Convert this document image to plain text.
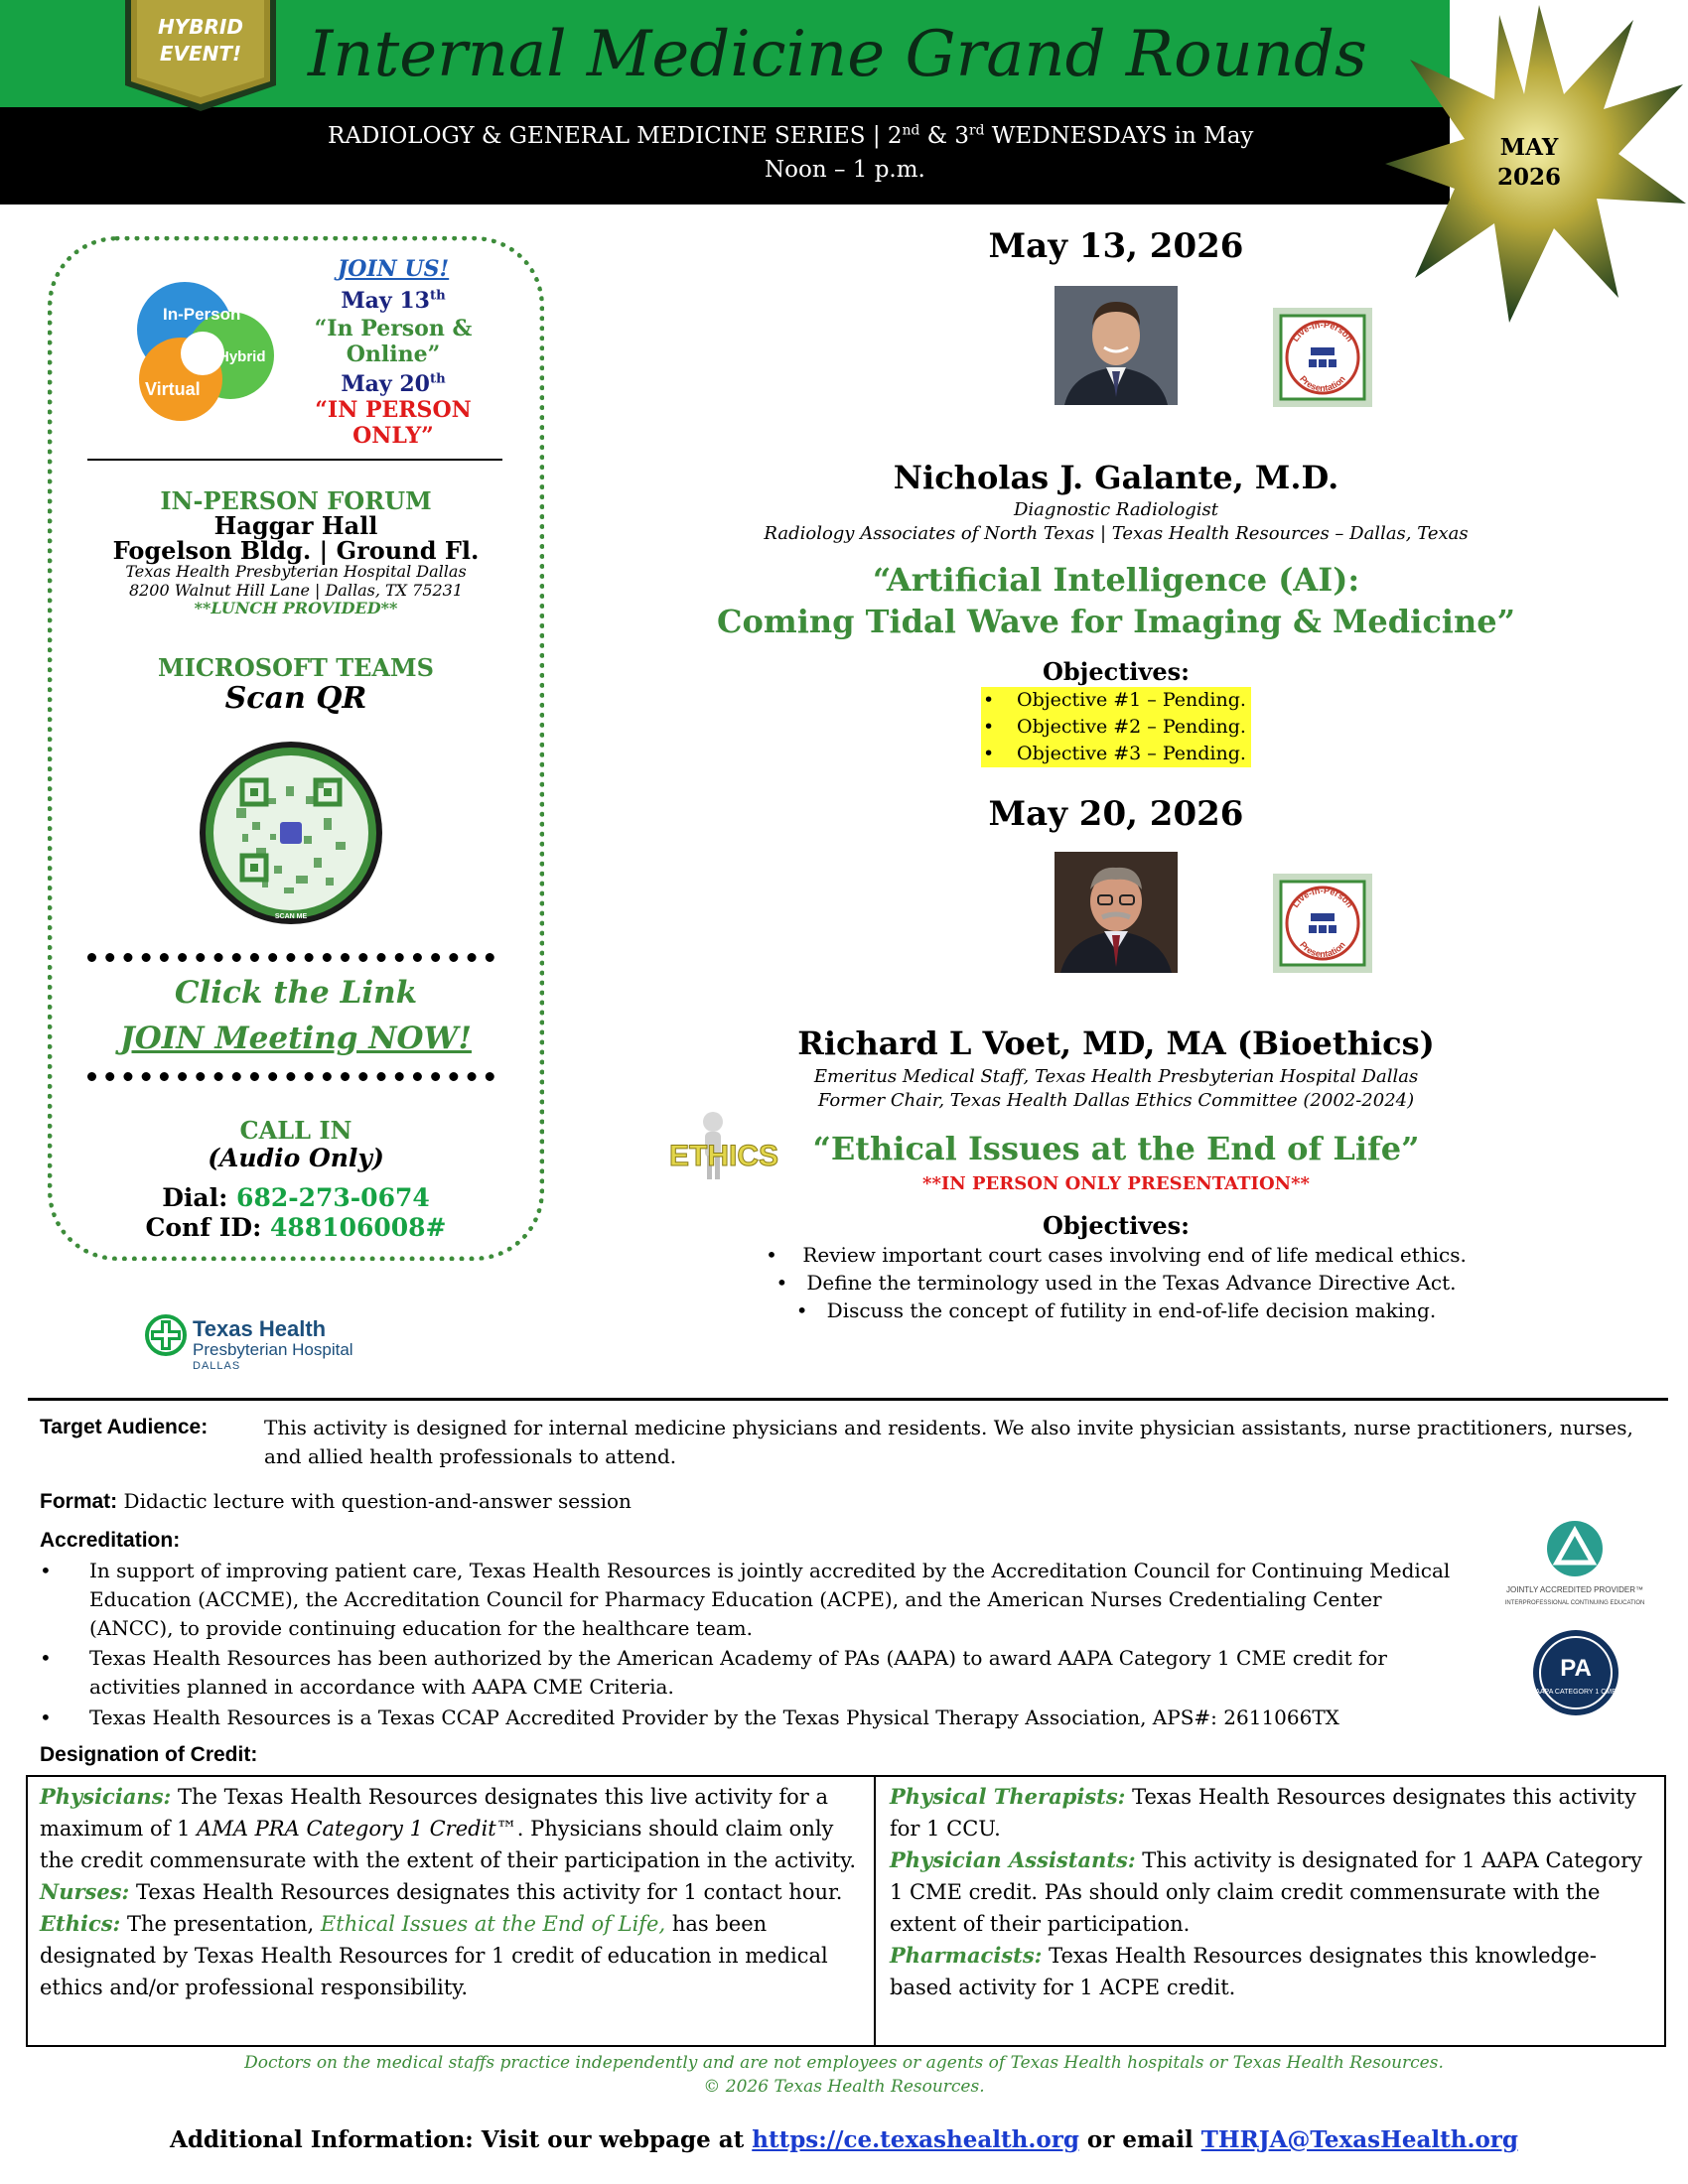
HYBRID
EVENT!	Internal Medicine Grand Rounds
RADIOLOGY & GENERAL MEDICINE SERIES | 2nd & 3rd WEDNESDAYS in May
Noon – 1 p.m.
MAY
2026
In-Person
Hybrid
Virtual
JOIN US!
May 13th
“In Person & Online”
May 20th
“IN PERSON ONLY”
IN-PERSON FORUM
Haggar Hall
Fogelson Bldg. | Ground Fl.
Texas Health Presbyterian Hospital Dallas
8200 Walnut Hill Lane | Dallas, TX 75231
**LUNCH PROVIDED**
MICROSOFT TEAMS
Scan QR
SCAN ME
Click the Link
JOIN Meeting NOW!
CALL IN
(Audio Only)
Dial: 682-273-0674
Conf ID: 488106008#
Texas Health
Presbyterian Hospital
DALLAS
May 13, 2026
Live-In-Person
Presentation
Nicholas J. Galante, M.D.
Diagnostic Radiologist
Radiology Associates of North Texas | Texas Health Resources – Dallas, Texas
“Artificial Intelligence (AI):
Coming Tidal Wave for Imaging & Medicine”
Objectives:
• Objective #1 – Pending.
• Objective #2 – Pending.
• Objective #3 – Pending.
May 20, 2026
Live-In-Person
Presentation
Richard L Voet, MD, MA (Bioethics)
Emeritus Medical Staff, Texas Health Presbyterian Hospital Dallas
Former Chair, Texas Health Dallas Ethics Committee (2002-2024)
ETHICS	“Ethical Issues at the End of Life”
**IN PERSON ONLY PRESENTATION**
Objectives:
•    Review important court cases involving end of life medical ethics.
•   Define the terminology used in the Texas Advance Directive Act.
•   Discuss the concept of futility in end-of-life decision making.
Target Audience:	This activity is designed for internal medicine physicians and residents. We also invite physician assistants, nurse practitioners, nurses, and allied health professionals to attend.
Format: Didactic lecture with question-and-answer session
Accreditation:
• In support of improving patient care, Texas Health Resources is jointly accredited by the Accreditation Council for Continuing Medical Education (ACCME), the Accreditation Council for Pharmacy Education (ACPE), and the American Nurses Credentialing Center (ANCC), to provide continuing education for the healthcare team.
• Texas Health Resources has been authorized by the American Academy of PAs (AAPA) to award AAPA Category 1 CME credit for activities planned in accordance with AAPA CME Criteria.
• Texas Health Resources is a Texas CCAP Accredited Provider by the Texas Physical Therapy Association, APS#: 2611066TX
JOINTLY ACCREDITED PROVIDER™
INTERPROFESSIONAL CONTINUING EDUCATION
PA
AAPA CATEGORY 1 CME
Designation of Credit:
Physicians: The Texas Health Resources designates this live activity for a maximum of 1 AMA PRA Category 1 Credit™. Physicians should claim only the credit commensurate with the extent of their participation in the activity.
Nurses: Texas Health Resources designates this activity for 1 contact hour.
Ethics: The presentation, Ethical Issues at the End of Life, has been designated by Texas Health Resources for 1 credit of education in medical ethics and/or professional responsibility.
Physical Therapists: Texas Health Resources designates this activity for 1 CCU.
Physician Assistants: This activity is designated for 1 AAPA Category 1 CME credit. PAs should only claim credit commensurate with the extent of their participation.
Pharmacists: Texas Health Resources designates this knowledge-based activity for 1 ACPE credit.
Doctors on the medical staffs practice independently and are not employees or agents of Texas Health hospitals or Texas Health Resources.
© 2026 Texas Health Resources.
Additional Information: Visit our webpage at https://ce.texashealth.org or email THRJA@TexasHealth.org
